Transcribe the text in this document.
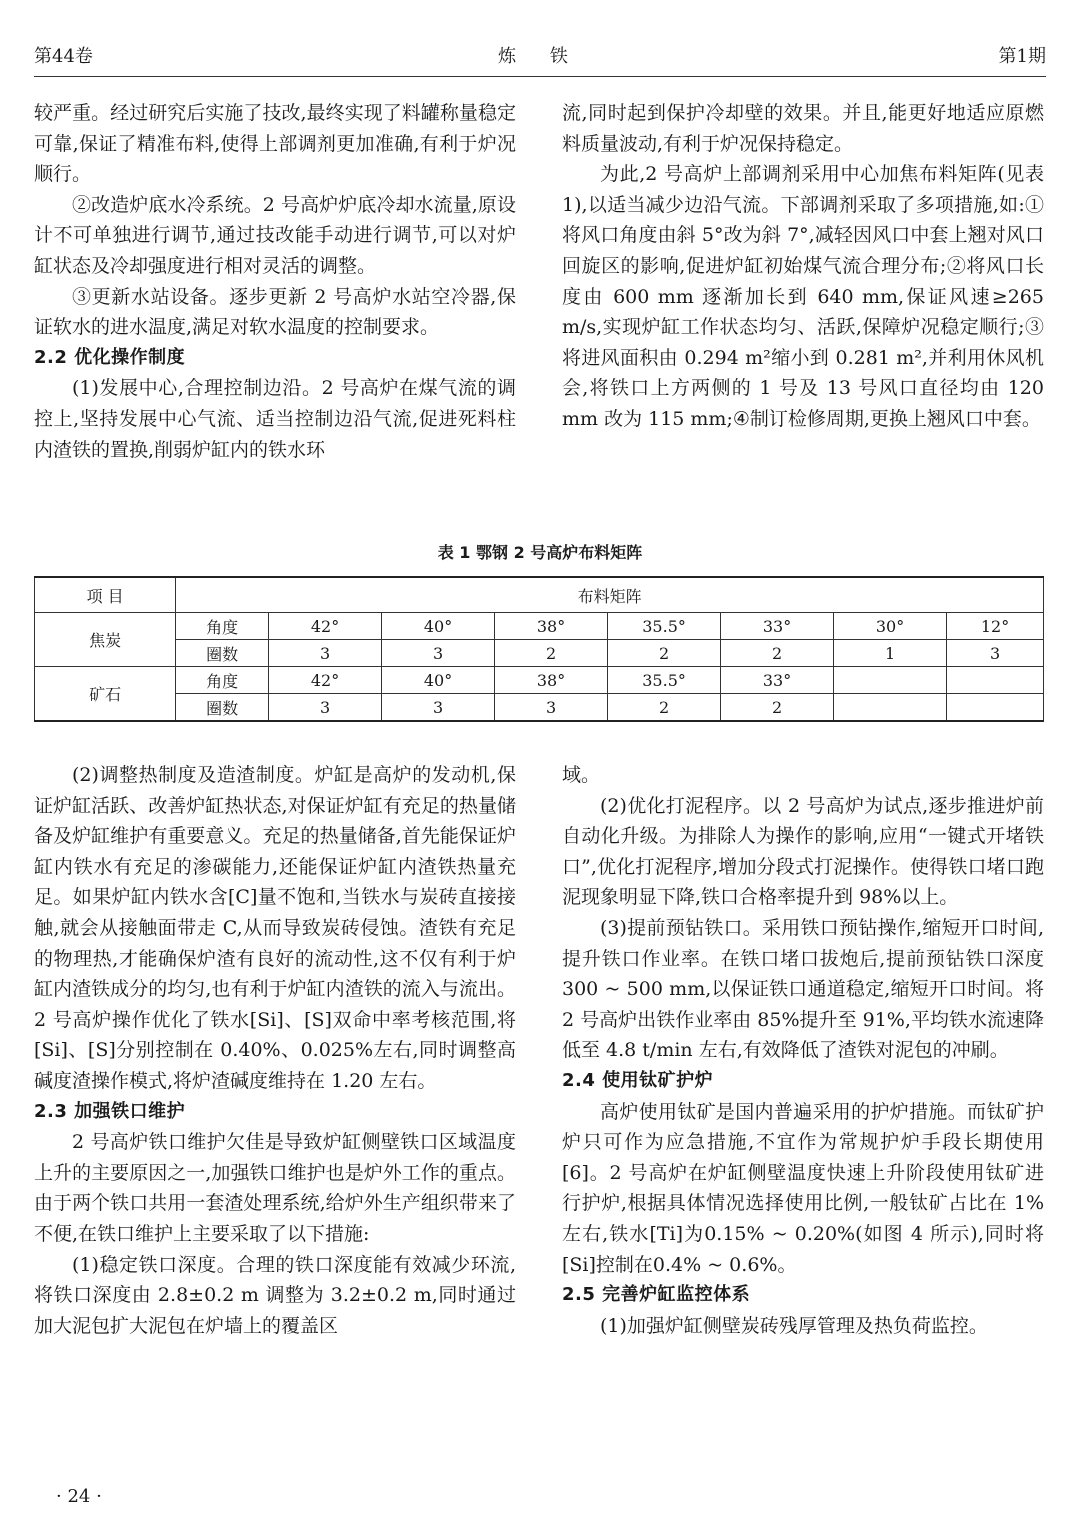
第44卷	炼 铁	第1期

较严重。经过研究后实施了技改,最终实现了料罐称量稳定可靠,保证了精准布料,使得上部调剂更加准确,有利于炉况顺行。

②改造炉底水冷系统。2 号高炉炉底冷却水流量,原设计不可单独进行调节,通过技改能手动进行调节,可以对炉缸状态及冷却强度进行相对灵活的调整。

③更新水站设备。逐步更新 2 号高炉水站空冷器,保证软水的进水温度,满足对软水温度的控制要求。

2.2 优化操作制度

(1)发展中心,合理控制边沿。2 号高炉在煤气流的调控上,坚持发展中心气流、适当控制边沿气流,促进死料柱内渣铁的置换,削弱炉缸内的铁水环

流,同时起到保护冷却壁的效果。并且,能更好地适应原燃料质量波动,有利于炉况保持稳定。

为此,2 号高炉上部调剂采用中心加焦布料矩阵(见表 1),以适当减少边沿气流。下部调剂采取了多项措施,如:①将风口角度由斜 5°改为斜 7°,减轻因风口中套上翘对风口回旋区的影响,促进炉缸初始煤气流合理分布;②将风口长度由 600 mm 逐渐加长到 640 mm,保证风速≥265 m/s,实现炉缸工作状态均匀、活跃,保障炉况稳定顺行;③将进风面积由 0.294 m²缩小到 0.281 m²,并利用休风机会,将铁口上方两侧的 1 号及 13 号风口直径均由 120 mm 改为 115 mm;④制订检修周期,更换上翘风口中套。

表 1 鄂钢 2 号高炉布料矩阵
项 目	布料矩阵							
焦炭	角度	42°	40°	38°	35.5°	33°	30°	12°
	圈数	3	3	2	2	2	1	3
矿石	角度	42°	40°	38°	35.5°	33°		
	圈数	3	3	3	2	2		

(2)调整热制度及造渣制度。炉缸是高炉的发动机,保证炉缸活跃、改善炉缸热状态,对保证炉缸有充足的热量储备及炉缸维护有重要意义。充足的热量储备,首先能保证炉缸内铁水有充足的渗碳能力,还能保证炉缸内渣铁热量充足。如果炉缸内铁水含[C]量不饱和,当铁水与炭砖直接接触,就会从接触面带走 C,从而导致炭砖侵蚀。渣铁有充足的物理热,才能确保炉渣有良好的流动性,这不仅有利于炉缸内渣铁成分的均匀,也有利于炉缸内渣铁的流入与流出。2 号高炉操作优化了铁水[Si]、[S]双命中率考核范围,将[Si]、[S]分别控制在 0.40%、0.025%左右,同时调整高碱度渣操作模式,将炉渣碱度维持在 1.20 左右。

2.3 加强铁口维护

2 号高炉铁口维护欠佳是导致炉缸侧壁铁口区域温度上升的主要原因之一,加强铁口维护也是炉外工作的重点。由于两个铁口共用一套渣处理系统,给炉外生产组织带来了不便,在铁口维护上主要采取了以下措施:

(1)稳定铁口深度。合理的铁口深度能有效减少环流,将铁口深度由 2.8±0.2 m 调整为 3.2±0.2 m,同时通过加大泥包扩大泥包在炉墙上的覆盖区

域。

(2)优化打泥程序。以 2 号高炉为试点,逐步推进炉前自动化升级。为排除人为操作的影响,应用“一键式开堵铁口”,优化打泥程序,增加分段式打泥操作。使得铁口堵口跑泥现象明显下降,铁口合格率提升到 98%以上。

(3)提前预钻铁口。采用铁口预钻操作,缩短开口时间,提升铁口作业率。在铁口堵口拔炮后,提前预钻铁口深度 300 ~ 500 mm,以保证铁口通道稳定,缩短开口时间。将 2 号高炉出铁作业率由 85%提升至 91%,平均铁水流速降低至 4.8 t/min 左右,有效降低了渣铁对泥包的冲刷。

2.4 使用钛矿护炉

高炉使用钛矿是国内普遍采用的护炉措施。而钛矿护炉只可作为应急措施,不宜作为常规护炉手段长期使用[6]。2 号高炉在炉缸侧壁温度快速上升阶段使用钛矿进行护炉,根据具体情况选择使用比例,一般钛矿占比在 1%左右,铁水[Ti]为0.15% ~ 0.20%(如图 4 所示),同时将[Si]控制在0.4% ~ 0.6%。

2.5 完善炉缸监控体系

(1)加强炉缸侧壁炭砖残厚管理及热负荷监控。

· 24 ·
